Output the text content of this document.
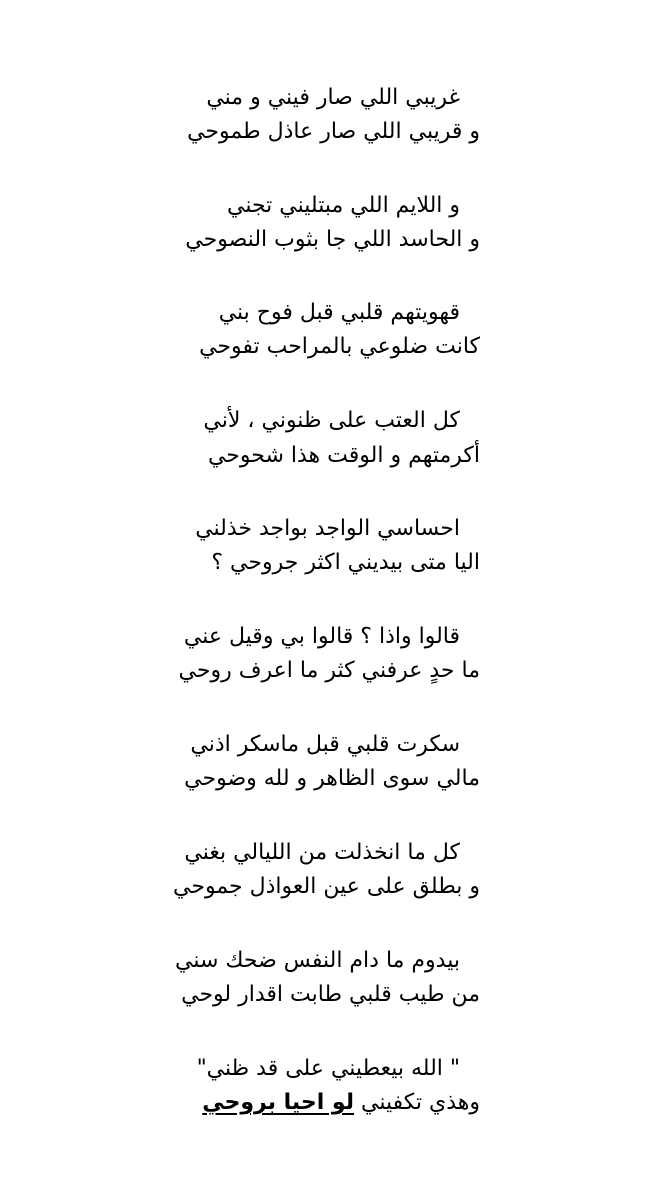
غريبي اللي صار فيني و مني
و قريبي اللي صار عاذل طموحي
و اللايم اللي مبتليني تجني
و الحاسد اللي جا بثوب النصوحي
قهويتهم قلبي قبل فوح بني
كانت ضلوعي بالمراحب تفوحي
كل العتب على ظنوني ، لأني
أكرمتهم و الوقت هذا شحوحي
احساسي الواجد بواجد خذلني
اليا متى بيديني اكثر جروحي ؟
قالوا واذا ؟ قالوا بي وقيل عني
ما حدٍ عرفني كثر ما اعرف روحي
سكرت قلبي قبل ماسكر اذني
مالي سوى الظاهر و لله وضوحي
كل ما انخذلت من الليالي بغني
و بطلق على عين العواذل جموحي
بيدوم ما دام النفس ضحك سني
من طيب قلبي طابت اقدار لوحي
" الله بيعطيني على قد ظني"
وهذي تكفيني لو احيا بروحي
